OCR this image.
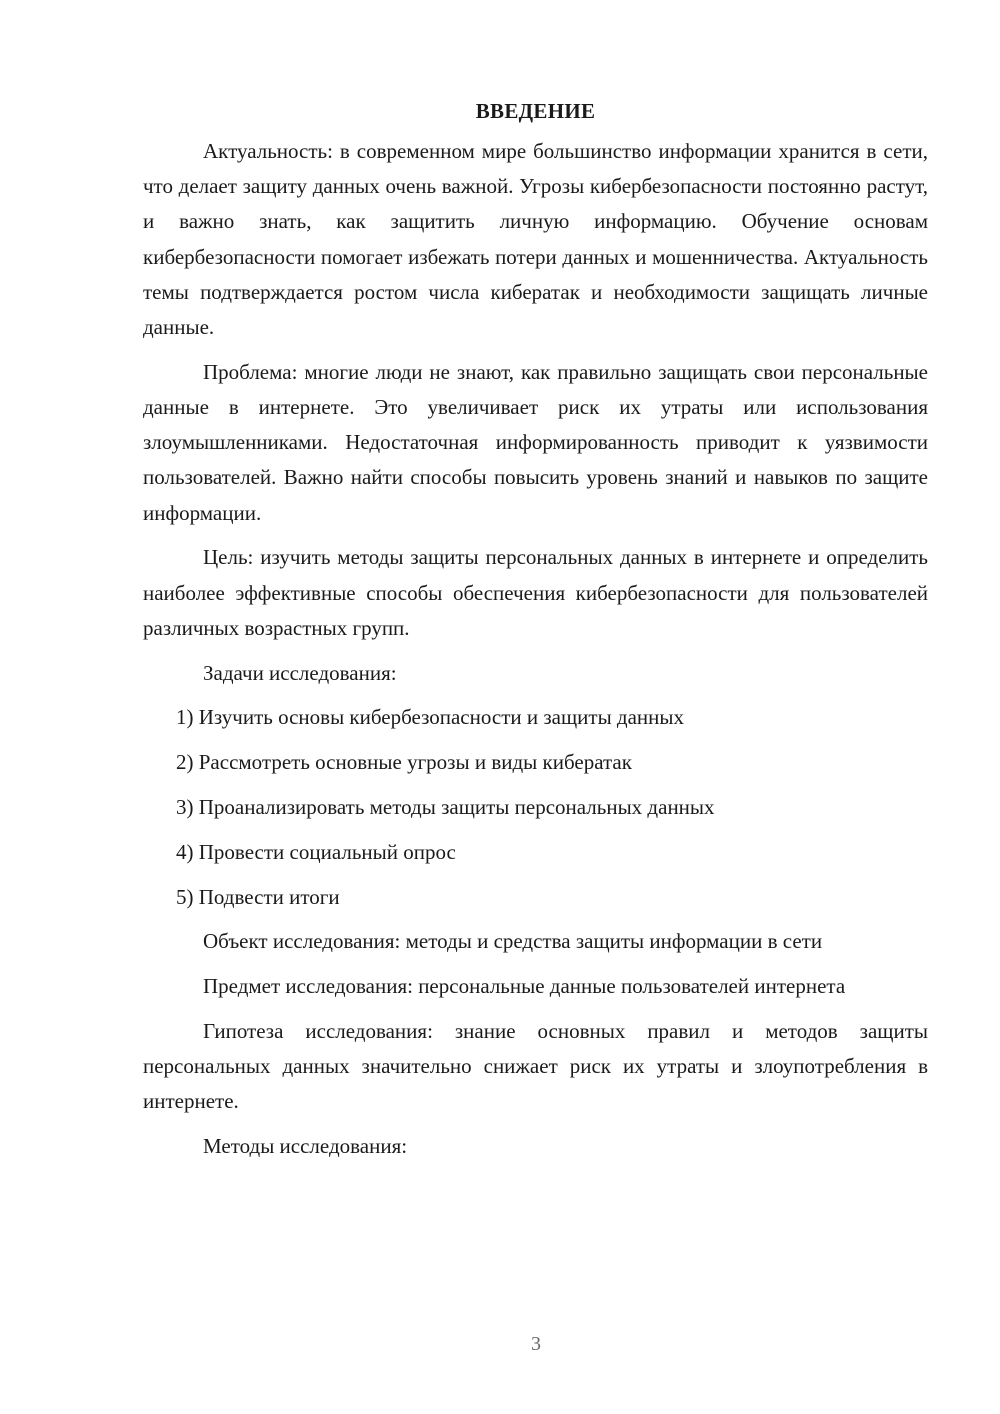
ВВЕДЕНИЕ

Актуальность: в современном мире большинство информации хранится в сети, что делает защиту данных очень важной. Угрозы кибербезопасности постоянно растут, и важно знать, как защитить личную информацию. Обучение основам кибербезопасности помогает избежать потери данных и мошенничества. Актуальность темы подтверждается ростом числа кибератак и необходимости защищать личные данные.

Проблема: многие люди не знают, как правильно защищать свои персональные данные в интернете. Это увеличивает риск их утраты или использования злоумышленниками. Недостаточная информированность приводит к уязвимости пользователей. Важно найти способы повысить уровень знаний и навыков по защите информации.

Цель: изучить методы защиты персональных данных в интернете и определить наиболее эффективные способы обеспечения кибербезопасности для пользователей различных возрастных групп.

Задачи исследования:
1) Изучить основы кибербезопасности и защиты данных
2) Рассмотреть основные угрозы и виды кибератак
3) Проанализировать методы защиты персональных данных
4) Провести социальный опрос
5) Подвести итоги

Объект исследования: методы и средства защиты информации в сети

Предмет исследования: персональные данные пользователей интернета

Гипотеза исследования: знание основных правил и методов защиты персональных данных значительно снижает риск их утраты и злоупотребления в интернете.

Методы исследования:
3
